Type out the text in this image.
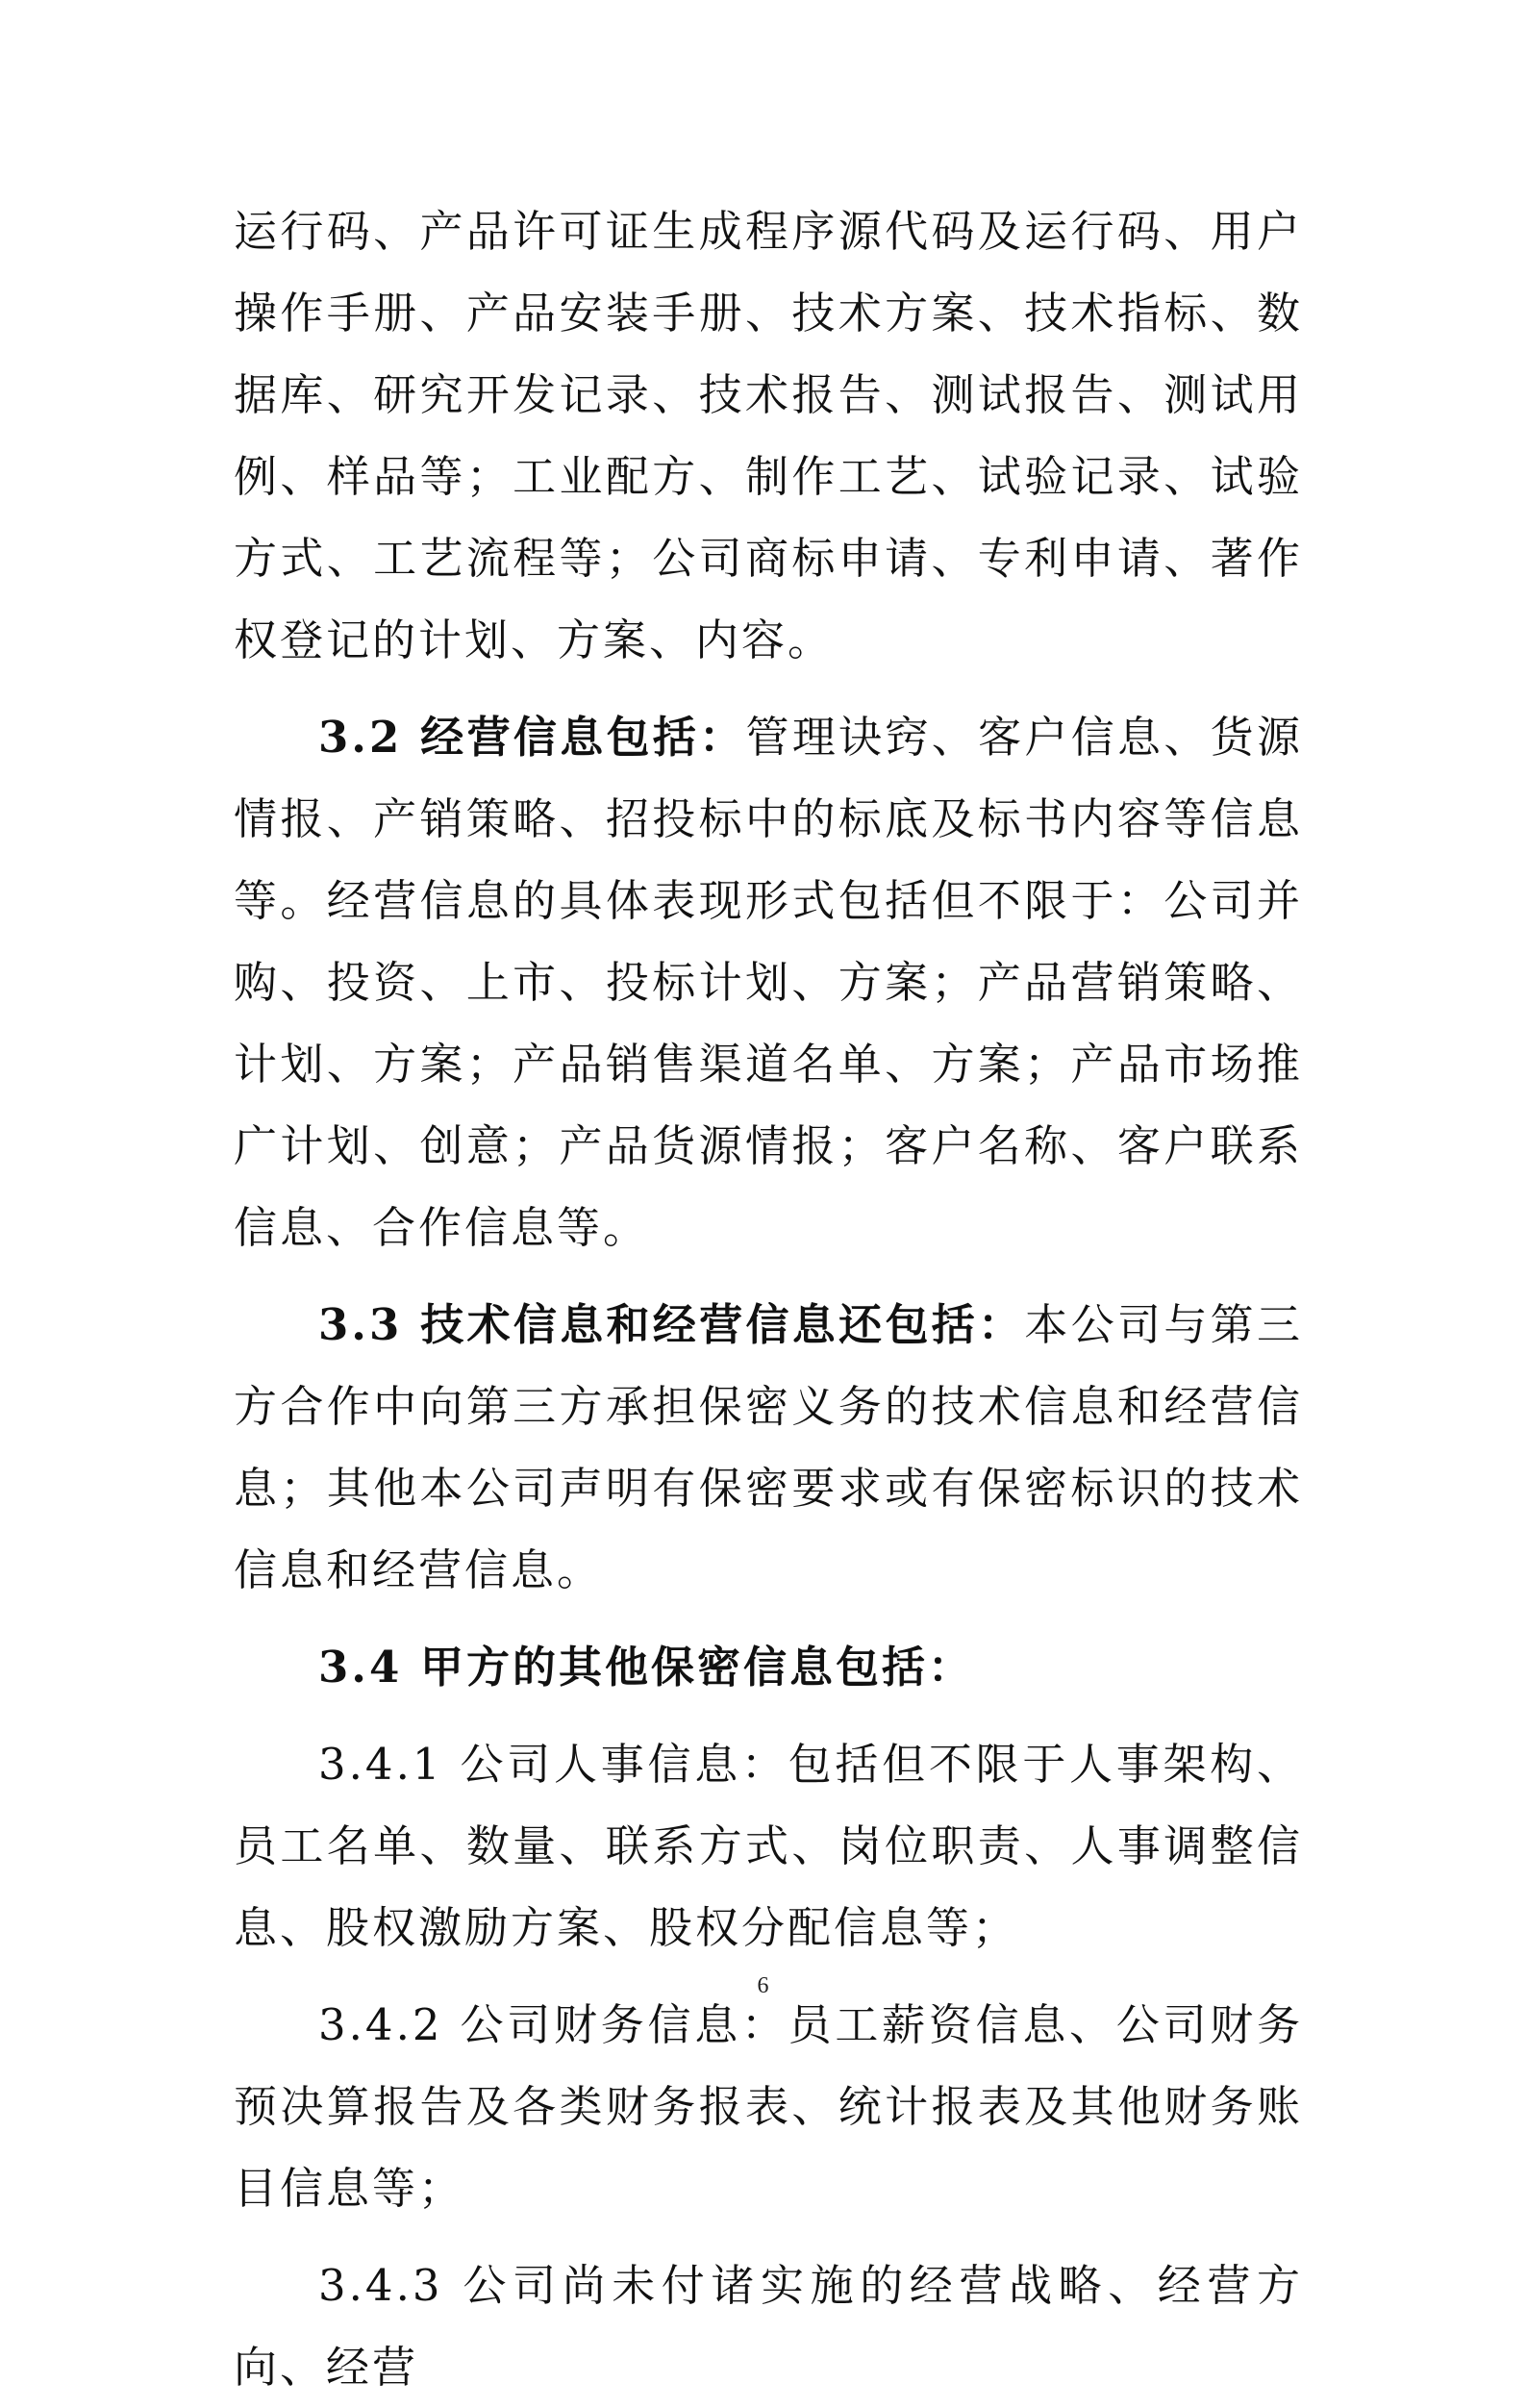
运行码、产品许可证生成程序源代码及运行码、用户操作手册、产品安装手册、技术方案、技术指标、数据库、研究开发记录、技术报告、测试报告、测试用例、样品等；工业配方、制作工艺、试验记录、试验方式、工艺流程等；公司商标申请、专利申请、著作权登记的计划、方案、内容。

3.2 经营信息包括：管理诀窍、客户信息、货源情报、产销策略、招投标中的标底及标书内容等信息等。经营信息的具体表现形式包括但不限于：公司并购、投资、上市、投标计划、方案；产品营销策略、计划、方案；产品销售渠道名单、方案；产品市场推广计划、创意；产品货源情报；客户名称、客户联系信息、合作信息等。

3.3 技术信息和经营信息还包括：本公司与第三方合作中向第三方承担保密义务的技术信息和经营信息；其他本公司声明有保密要求或有保密标识的技术信息和经营信息。

3.4 甲方的其他保密信息包括：

3.4.1 公司人事信息：包括但不限于人事架构、员工名单、数量、联系方式、岗位职责、人事调整信息、股权激励方案、股权分配信息等；

3.4.2 公司财务信息：员工薪资信息、公司财务预决算报告及各类财务报表、统计报表及其他财务账目信息等；

3.4.3 公司尚未付诸实施的经营战略、经营方向、经营

6
